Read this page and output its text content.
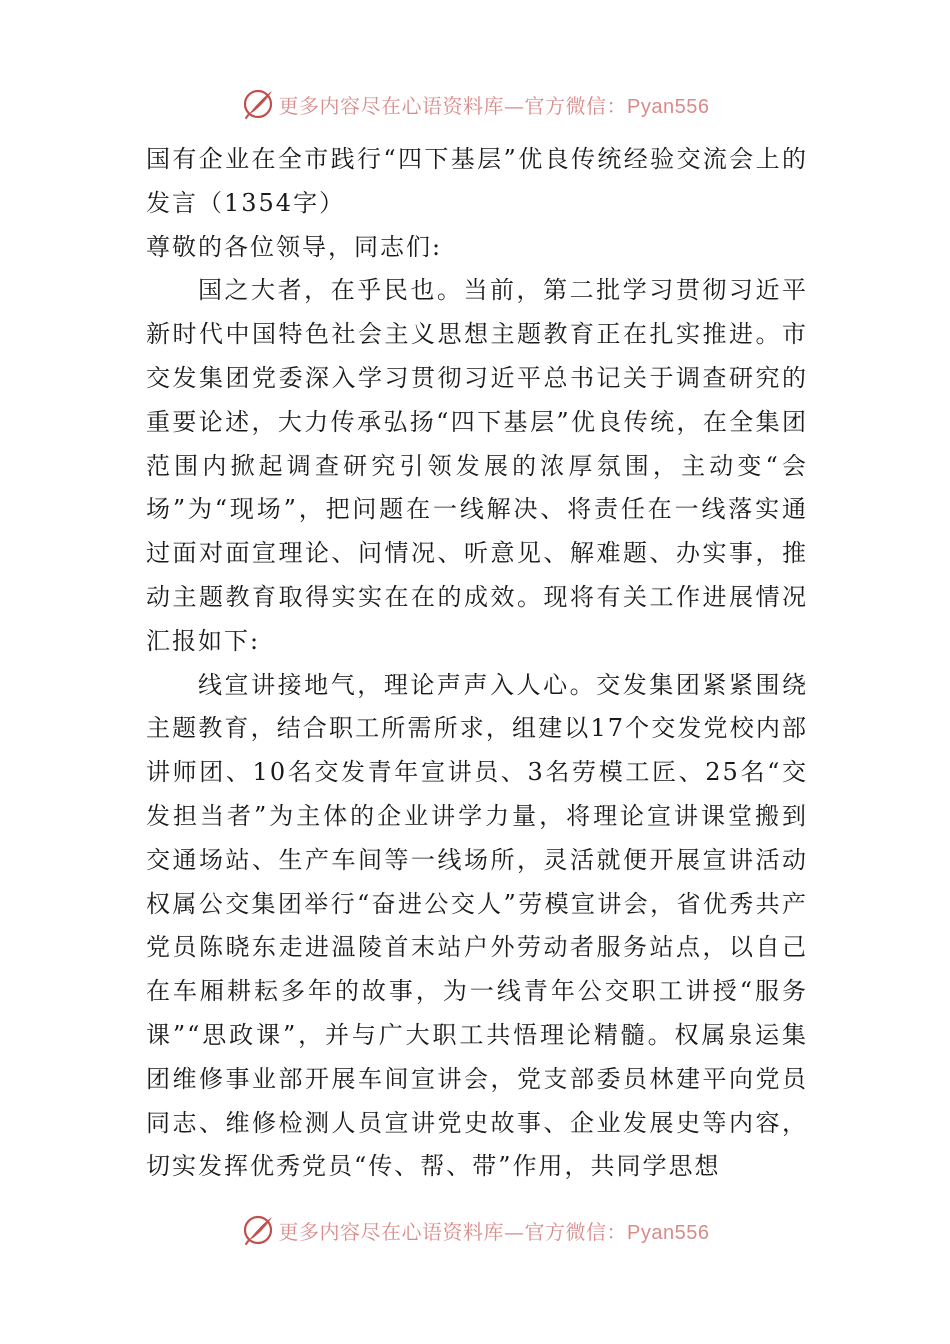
更多内容尽在心语资料库—官方微信：Pyan556

国有企业在全市践行“四下基层”优良传统经验交流会上的发言（1354字）

尊敬的各位领导，同志们:

国之大者，在乎民也。当前，第二批学习贯彻习近平新时代中国特色社会主义思想主题教育正在扎实推进。市交发集团党委深入学习贯彻习近平总书记关于调查研究的重要论述，大力传承弘扬“四下基层”优良传统，在全集团范围内掀起调查研究引领发展的浓厚氛围，主动变“会场”为“现场”，把问题在一线解决、将责任在一线落实通过面对面宣理论、问情况、听意见、解难题、办实事，推动主题教育取得实实在在的成效。现将有关工作进展情况汇报如下:

线宣讲接地气，理论声声入人心。交发集团紧紧围绕主题教育，结合职工所需所求，组建以17个交发党校内部讲师团、10名交发青年宣讲员、3名劳模工匠、25名“交发担当者”为主体的企业讲学力量，将理论宣讲课堂搬到交通场站、生产车间等一线场所，灵活就便开展宣讲活动权属公交集团举行“奋进公交人”劳模宣讲会，省优秀共产党员陈晓东走进温陵首末站户外劳动者服务站点，以自己在车厢耕耘多年的故事，为一线青年公交职工讲授“服务课”“思政课”，并与广大职工共悟理论精髓。权属泉运集团维修事业部开展车间宣讲会，党支部委员林建平向党员同志、维修检测人员宣讲党史故事、企业发展史等内容，切实发挥优秀党员“传、帮、带”作用，共同学思想

更多内容尽在心语资料库—官方微信：Pyan556
